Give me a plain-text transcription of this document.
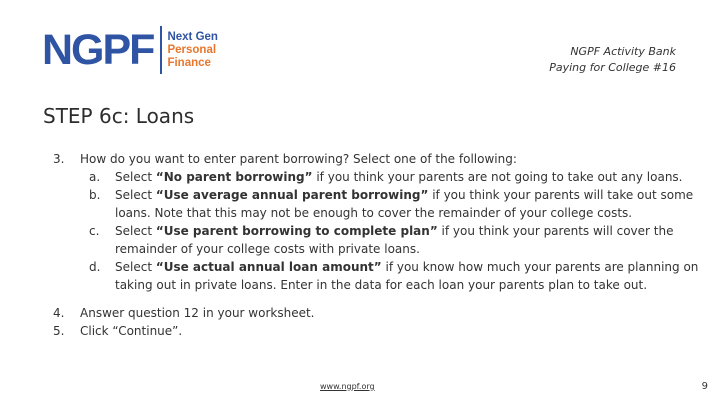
NGPF Next Gen
Personal
Finance
NGPF Activity Bank
Paying for College #16
STEP 6c: Loans
3. How do you want to enter parent borrowing? Select one of the following:
a. Select “No parent borrowing” if you think your parents are not going to take out any loans.
b. Select “Use average annual parent borrowing” if you think your parents will take out some loans. Note that this may not be enough to cover the remainder of your college costs.
c. Select “Use parent borrowing to complete plan” if you think your parents will cover the remainder of your college costs with private loans.
d. Select “Use actual annual loan amount” if you know how much your parents are planning on taking out in private loans. Enter in the data for each loan your parents plan to take out.
4. Answer question 12 in your worksheet.
5. Click “Continue”.
www.ngpf.org	9
